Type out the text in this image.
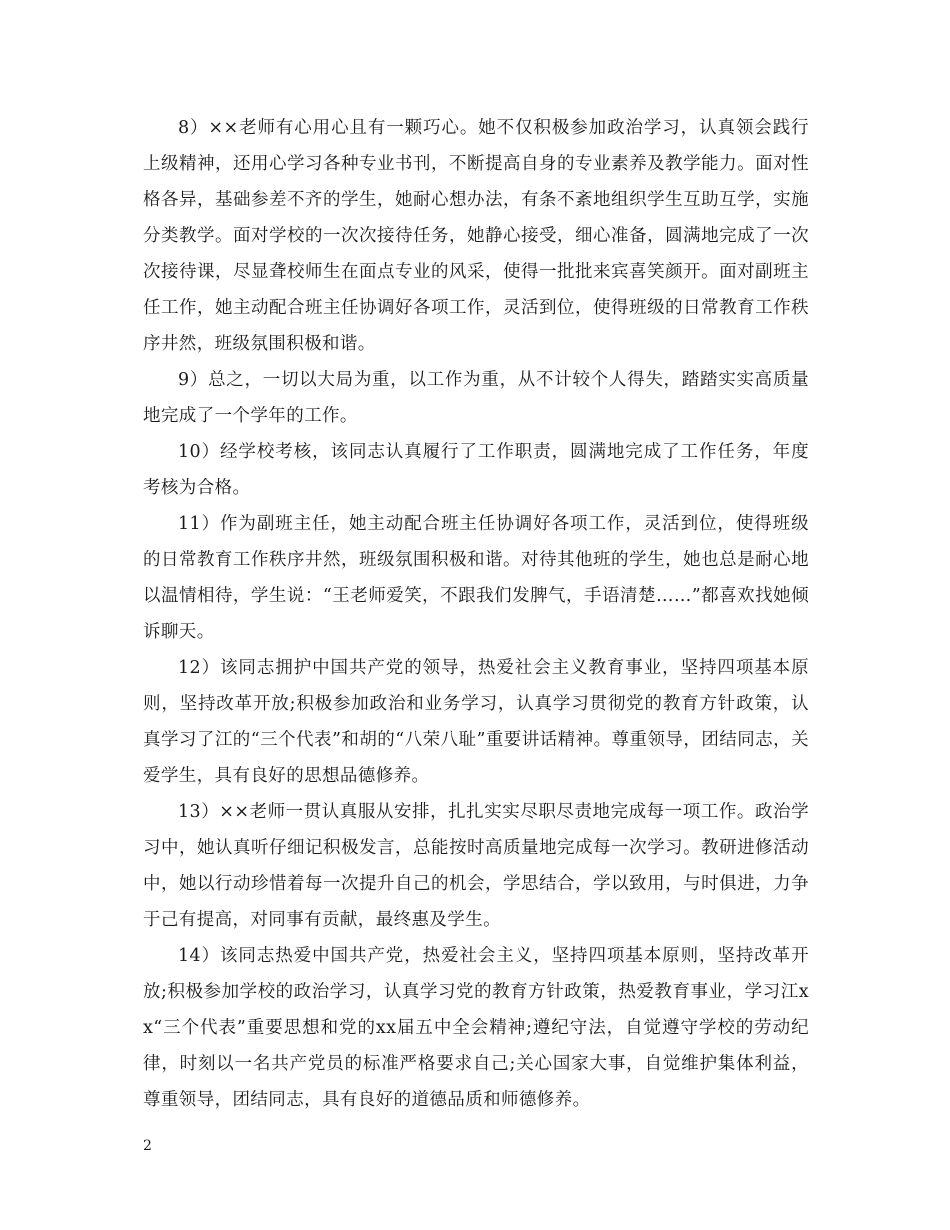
8）××老师有心用心且有一颗巧心。她不仅积极参加政治学习，认真领会践行上级精神，还用心学习各种专业书刊，不断提高自身的专业素养及教学能力。面对性格各异，基础参差不齐的学生，她耐心想办法，有条不紊地组织学生互助互学，实施分类教学。面对学校的一次次接待任务，她静心接受，细心准备，圆满地完成了一次次接待课，尽显聋校师生在面点专业的风采，使得一批批来宾喜笑颜开。面对副班主任工作，她主动配合班主任协调好各项工作，灵活到位，使得班级的日常教育工作秩序井然，班级氛围积极和谐。

9）总之，一切以大局为重，以工作为重，从不计较个人得失，踏踏实实高质量地完成了一个学年的工作。

10）经学校考核，该同志认真履行了工作职责，圆满地完成了工作任务，年度考核为合格。

11）作为副班主任，她主动配合班主任协调好各项工作，灵活到位，使得班级的日常教育工作秩序井然，班级氛围积极和谐。对待其他班的学生，她也总是耐心地以温情相待，学生说：“王老师爱笑，不跟我们发脾气，手语清楚……”都喜欢找她倾诉聊天。

12）该同志拥护中国共产党的领导，热爱社会主义教育事业，坚持四项基本原则，坚持改革开放;积极参加政治和业务学习，认真学习贯彻党的教育方针政策，认真学习了江的“三个代表”和胡的“八荣八耻”重要讲话精神。尊重领导，团结同志，关爱学生，具有良好的思想品德修养。

13）××老师一贯认真服从安排，扎扎实实尽职尽责地完成每一项工作。政治学习中，她认真听仔细记积极发言，总能按时高质量地完成每一次学习。教研进修活动中，她以行动珍惜着每一次提升自己的机会，学思结合，学以致用，与时俱进，力争于己有提高，对同事有贡献，最终惠及学生。

14）该同志热爱中国共产党，热爱社会主义，坚持四项基本原则，坚持改革开放;积极参加学校的政治学习，认真学习党的教育方针政策，热爱教育事业，学习江xx“三个代表”重要思想和党的xx届五中全会精神;遵纪守法，自觉遵守学校的劳动纪律，时刻以一名共产党员的标准严格要求自己;关心国家大事，自觉维护集体利益，尊重领导，团结同志，具有良好的道德品质和师德修养。

2
